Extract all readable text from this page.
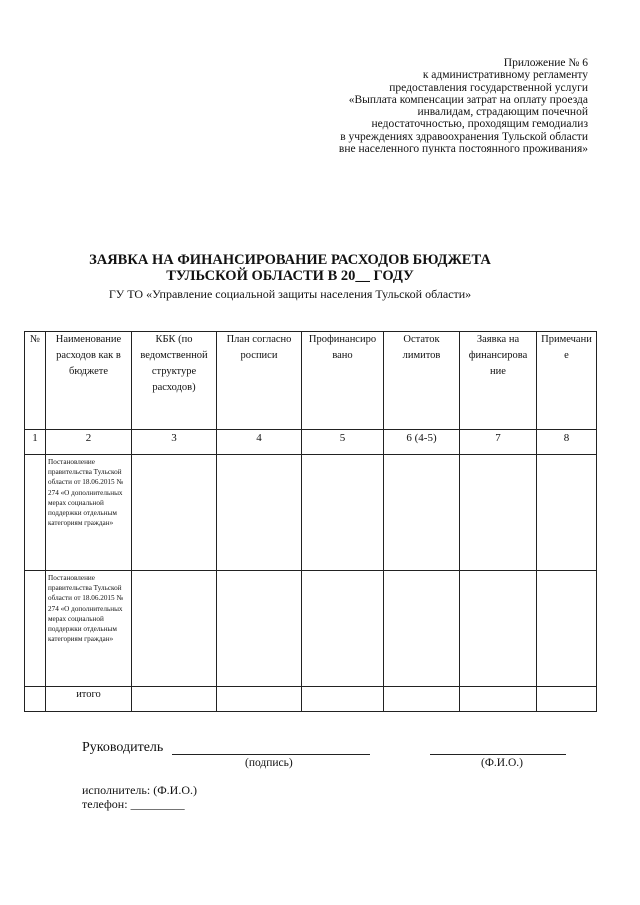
Приложение № 6
к административному регламенту
предоставления государственной услуги
«Выплата компенсации затрат на оплату проезда
инвалидам, страдающим почечной
недостаточностью, проходящим гемодиализ
в учреждениях здравоохранения Тульской области
вне населенного пункта постоянного проживания»
ЗАЯВКА НА ФИНАНСИРОВАНИЕ РАСХОДОВ БЮДЖЕТА
ТУЛЬСКОЙ ОБЛАСТИ В 20__ ГОДУ
ГУ ТО «Управление социальной защиты населения Тульской области»
№	Наименование расходов как в бюджете	КБК (по ведомственной структуре расходов)	План согласно росписи	Профинансиро вано	Остаток лимитов	Заявка на финансирова ние	Примечани е
1	2	3	4	5	6 (4-5)	7	8
	Постановление правительства Тульской области от 18.06.2015 № 274 «О дополнительных мерах социальной поддержки отдельным категориям граждан»						
	Постановление правительства Тульской области от 18.06.2015 № 274 «О дополнительных мерах социальной поддержки отдельным категориям граждан»						
	итого						
Руководитель
(подпись)	(Ф.И.О.)
исполнитель: (Ф.И.О.)
телефон: _________
